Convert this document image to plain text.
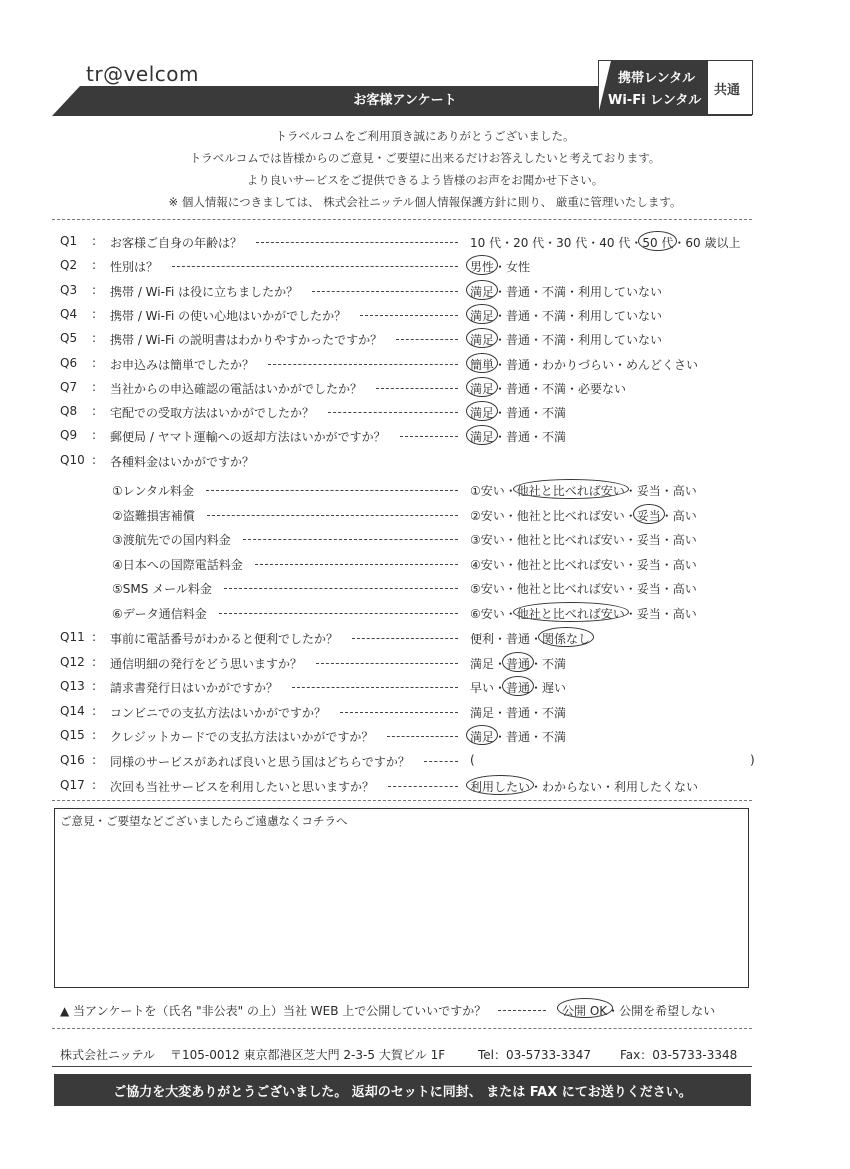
tr@velcom
お客様アンケート
携帯レンタル
Wi-Fi レンタル
共通
トラベルコムをご利用頂き誠にありがとうございました。
トラベルコムでは皆様からのご意見・ご要望に出来るだけお答えしたいと考えております。
より良いサービスをご提供できるよう皆様のお声をお聞かせ下さい。
※ 個人情報につきましては、 株式会社ニッテル個人情報保護方針に則り、 厳重に管理いたします。
Q1 : お客様ご自身の年齢は？	10 代・20 代・30 代・40 代・50 代・60 歳以上
Q2 : 性別は？	男性・女性
Q3 : 携帯 / Wi-Fi は役に立ちましたか？	満足・普通・不満・利用していない
Q4 : 携帯 / Wi-Fi の使い心地はいかがでしたか？	満足・普通・不満・利用していない
Q5 : 携帯 / Wi-Fi の説明書はわかりやすかったですか？	満足・普通・不満・利用していない
Q6 : お申込みは簡単でしたか？	簡単・普通・わかりづらい・めんどくさい
Q7 : 当社からの申込確認の電話はいかがでしたか？	満足・普通・不満・必要ない
Q8 : 宅配での受取方法はいかがでしたか？	満足・普通・不満
Q9 : 郵便局 / ヤマト運輸への返却方法はいかがですか？	満足・普通・不満
Q10 : 各種料金はいかがですか？
①レンタル料金	①安い・他社と比べれば安い・妥当・高い
②盗難損害補償	②安い・他社と比べれば安い・妥当・高い
③渡航先での国内料金	③安い・他社と比べれば安い・妥当・高い
④日本への国際電話料金	④安い・他社と比べれば安い・妥当・高い
⑤SMS メール料金	⑤安い・他社と比べれば安い・妥当・高い
⑥データ通信料金	⑥安い・他社と比べれば安い・妥当・高い
Q11 : 事前に電話番号がわかると便利でしたか？	便利・普通・関係なし
Q12 : 通信明細の発行をどう思いますか？	満足・普通・不満
Q13 : 請求書発行日はいかがですか？	早い・普通・遅い
Q14 : コンビニでの支払方法はいかがですか？	満足・普通・不満
Q15 : クレジットカードでの支払方法はいかがですか？	満足・普通・不満
Q16 : 同様のサービスがあれば良いと思う国はどちらですか？	(	)
Q17 : 次回も当社サービスを利用したいと思いますか？	利用したい・わからない・利用したくない
ご意見・ご要望などございましたらご遠慮なくコチラへ
▲ 当アンケートを（氏名 "非公表" の上）当社 WEB 上で公開していいですか？	公開 OK・公開を希望しない
株式会社ニッテル 〒105-0012 東京都港区芝大門 2-3-5 大賀ビル 1F	Tel：03-5733-3347 Fax：03-5733-3348
ご協力を大変ありがとうございました。 返却のセットに同封、 または FAX にてお送りください。
